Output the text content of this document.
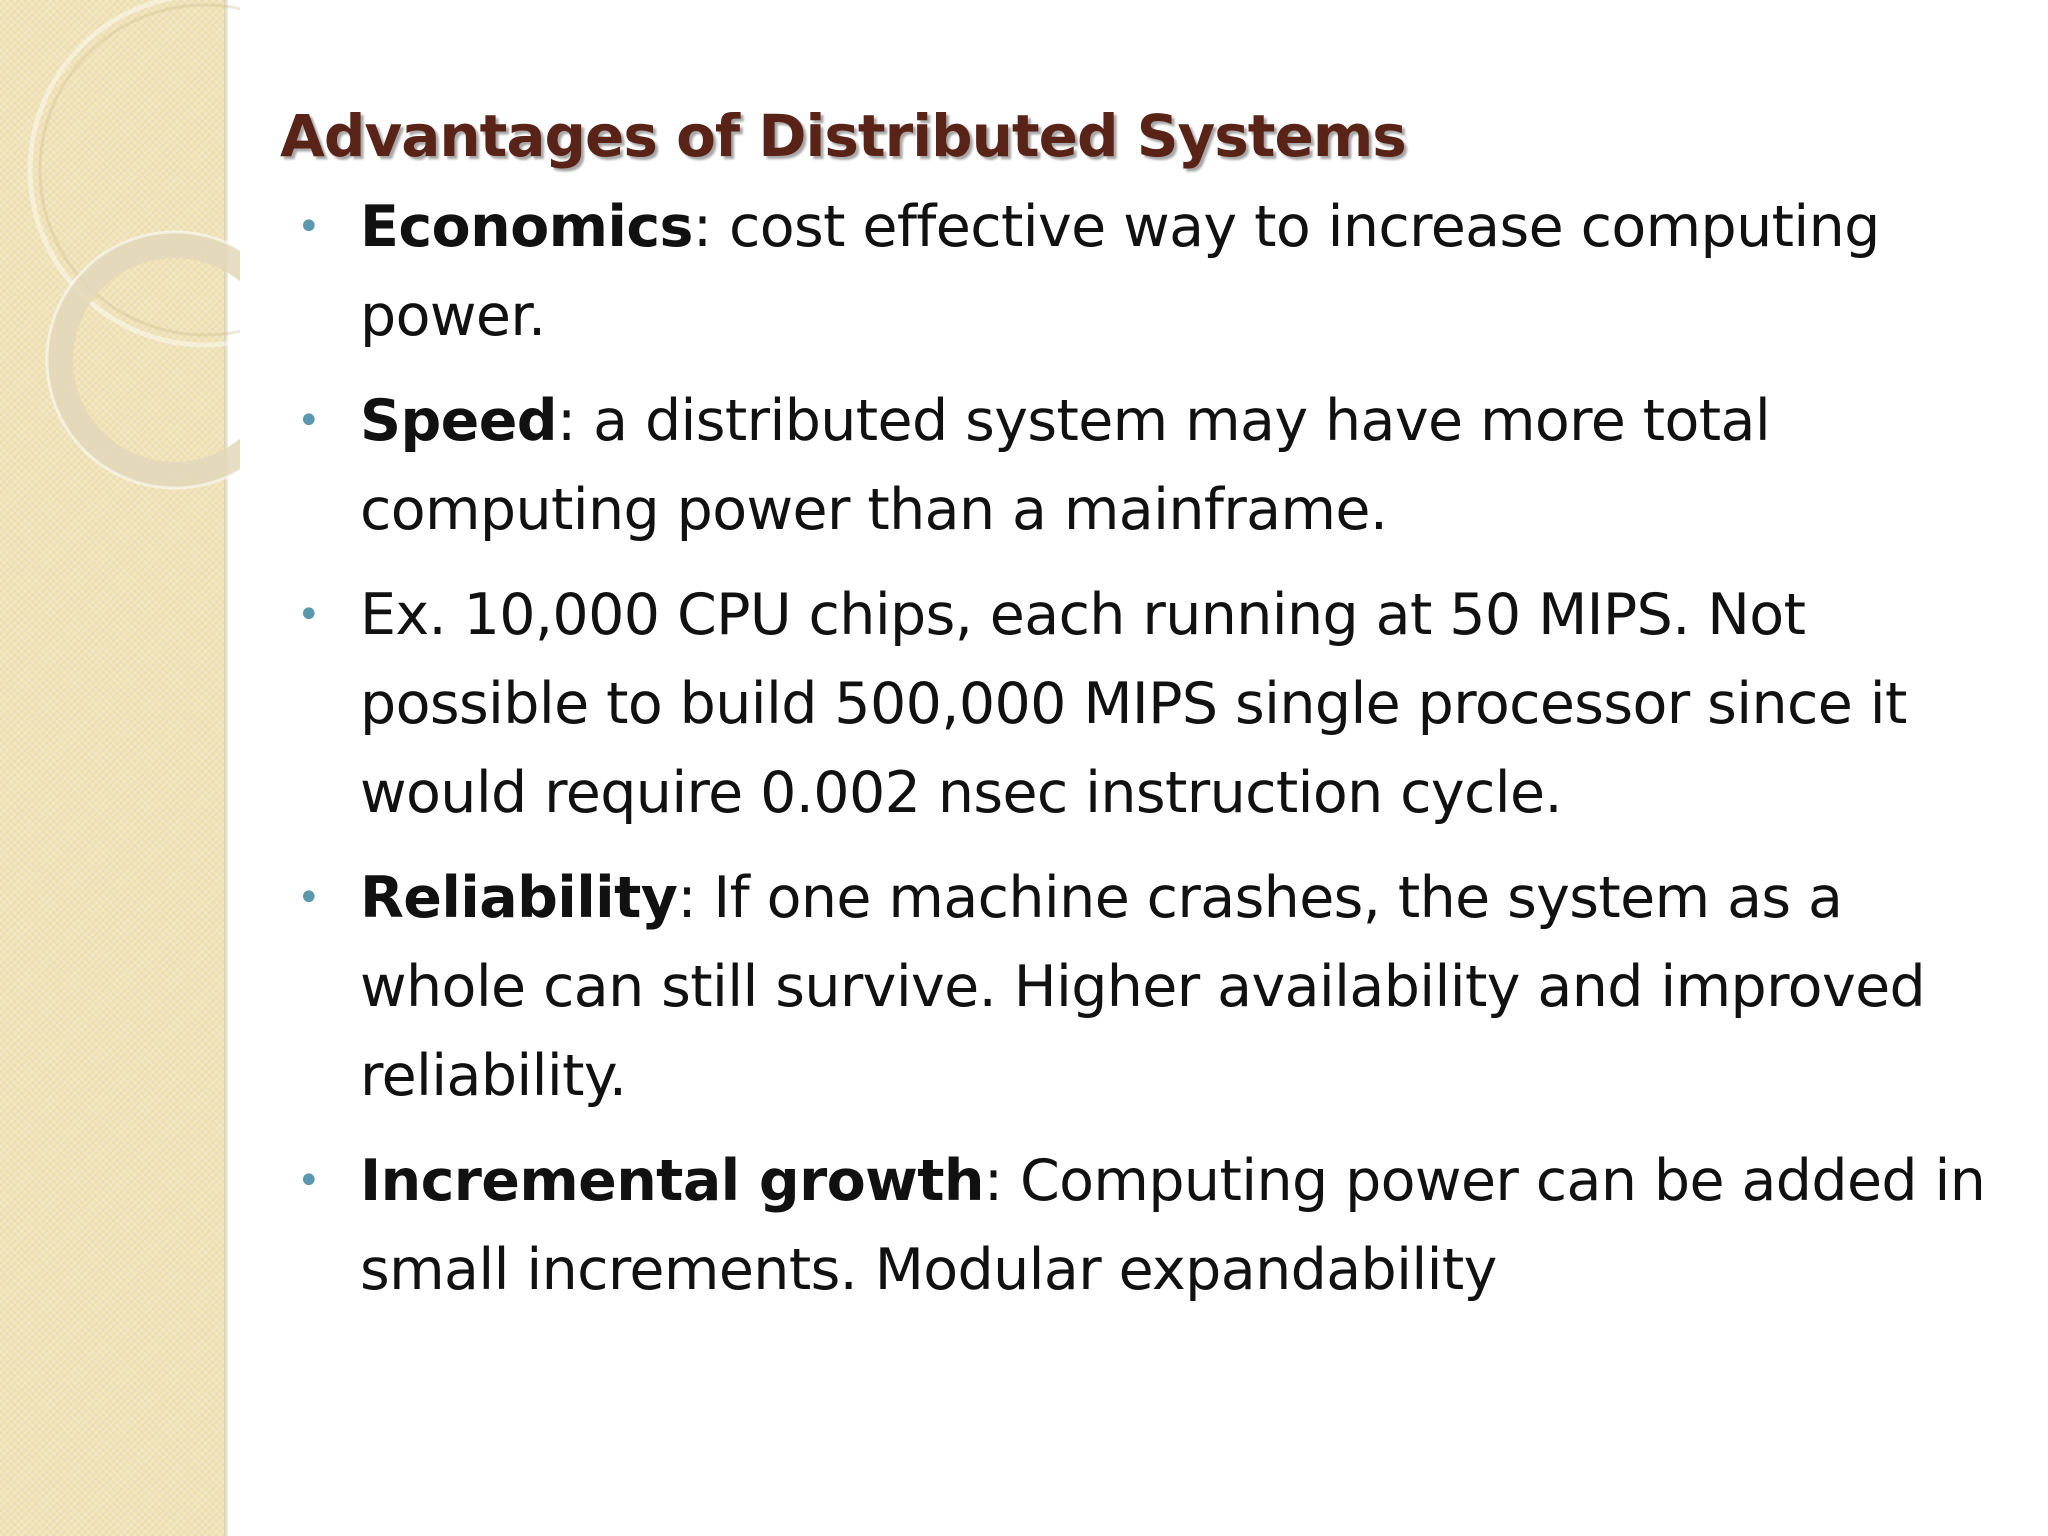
Advantages of Distributed Systems
• Economics: cost effective way to increase computing power.
• Speed: a distributed system may have more total computing power than a mainframe.
• Ex. 10,000 CPU chips, each running at 50 MIPS. Not possible to build 500,000 MIPS single processor since it would require 0.002 nsec instruction cycle.
• Reliability: If one machine crashes, the system as a whole can still survive. Higher availability and improved reliability.
• Incremental growth: Computing power can be added in small increments. Modular expandability
